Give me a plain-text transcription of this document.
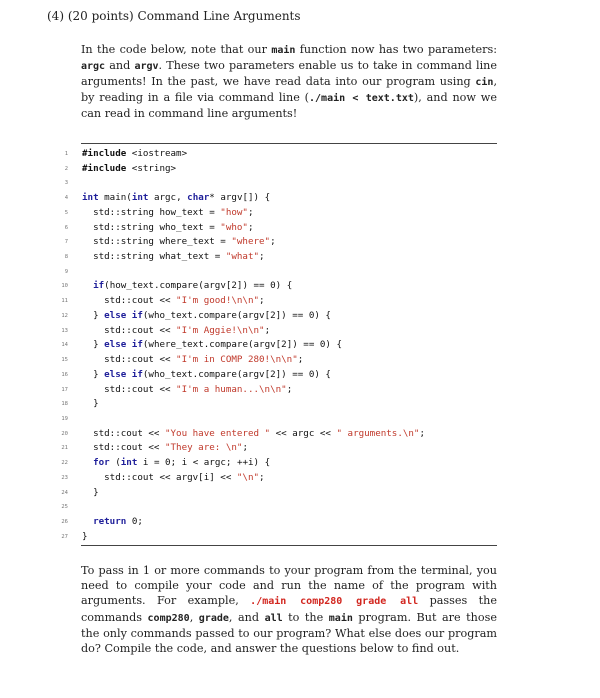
(4) (20 points) Command Line Arguments

In the code below, note that our main function now has two parameters: argc and argv. These two parameters enable us to take in command line arguments! In the past, we have read data into our program using cin, by reading in a file via command line (./main < text.txt), and now we can read in command line arguments!

1 #include <iostream>
2 #include <string>
3
4 int main(int argc, char* argv[]) {
5 std::string how_text = "how";
6 std::string who_text = "who";
7 std::string where_text = "where";
8 std::string what_text = "what";
9
10	if(how_text.compare(argv[2]) == 0) {
11 std::cout << "I'm good!\n\n";
12 } else if(who_text.compare(argv[2]) == 0) {
13 std::cout << "I'm Aggie!\n\n";
14 } else if(where_text.compare(argv[2]) == 0) {
15 std::cout << "I'm in COMP 280!\n\n";
16 } else if(who_text.compare(argv[2]) == 0) {
17 std::cout << "I'm a human...\n\n";
18 }
19
20 std::cout << "You have entered " << argc << " arguments.\n";
21 std::cout << "They are: \n";
22	for (int i = 0; i < argc; ++i) {
23 std::cout << argv[i] << "\n";
24 }
25
26	return 0;
27 }

To pass in 1 or more commands to your program from the terminal, you need to compile your code and run the name of the program with arguments. For example, ./main comp280 grade all passes the commands comp280, grade, and all to the main program. But are those the only commands passed to our program? What else does our program do? Compile the code, and answer the questions below to find out.
